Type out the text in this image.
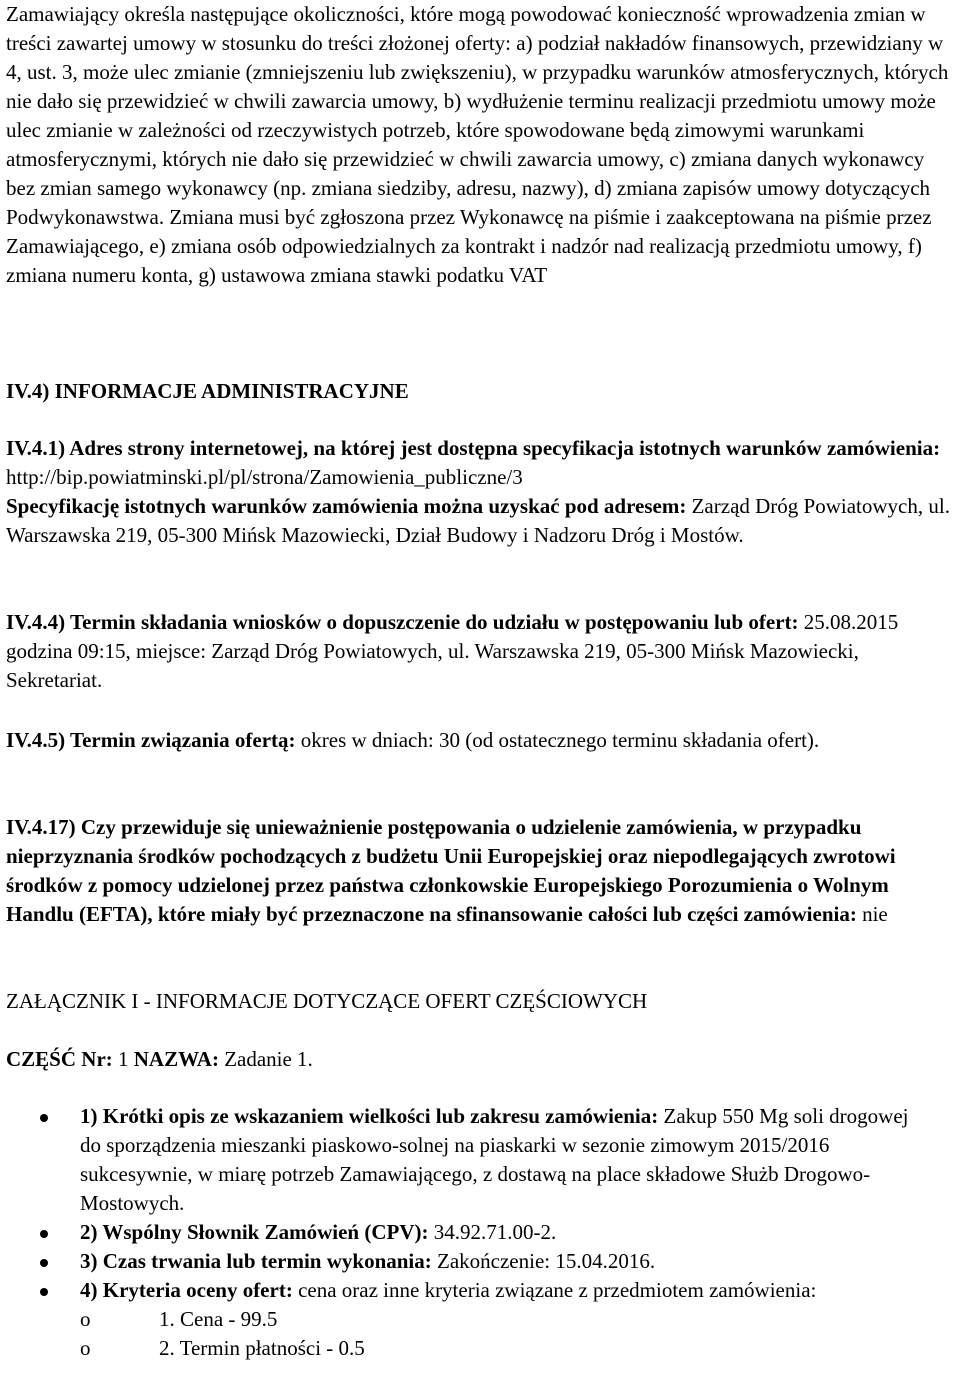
Zamawiający określa następujące okoliczności, które mogą powodować konieczność wprowadzenia zmian w treści zawartej umowy w stosunku do treści złożonej oferty: a) podział nakładów finansowych, przewidziany w 4, ust. 3, może ulec zmianie (zmniejszeniu lub zwiększeniu), w przypadku warunków atmosferycznych, których nie dało się przewidzieć w chwili zawarcia umowy, b) wydłużenie terminu realizacji przedmiotu umowy może ulec zmianie w zależności od rzeczywistych potrzeb, które spowodowane będą zimowymi warunkami atmosferycznymi, których nie dało się przewidzieć w chwili zawarcia umowy, c) zmiana danych wykonawcy bez zmian samego wykonawcy (np. zmiana siedziby, adresu, nazwy), d) zmiana zapisów umowy dotyczących Podwykonawstwa. Zmiana musi być zgłoszona przez Wykonawcę na piśmie i zaakceptowana na piśmie przez Zamawiającego, e) zmiana osób odpowiedzialnych za kontrakt i nadzór nad realizacją przedmiotu umowy, f) zmiana numeru konta, g) ustawowa zmiana stawki podatku VAT

IV.4) INFORMACJE ADMINISTRACYJNE

IV.4.1) Adres strony internetowej, na której jest dostępna specyfikacja istotnych warunków zamówienia: http://bip.powiatminski.pl/pl/strona/Zamowienia_publiczne/3

Specyfikację istotnych warunków zamówienia można uzyskać pod adresem: Zarząd Dróg Powiatowych, ul. Warszawska 219, 05-300 Mińsk Mazowiecki, Dział Budowy i Nadzoru Dróg i Mostów.

IV.4.4) Termin składania wniosków o dopuszczenie do udziału w postępowaniu lub ofert: 25.08.2015 godzina 09:15, miejsce: Zarząd Dróg Powiatowych, ul. Warszawska 219, 05-300 Mińsk Mazowiecki, Sekretariat.

IV.4.5) Termin związania ofertą: okres w dniach: 30 (od ostatecznego terminu składania ofert).

IV.4.17) Czy przewiduje się unieważnienie postępowania o udzielenie zamówienia, w przypadku nieprzyznania środków pochodzących z budżetu Unii Europejskiej oraz niepodlegających zwrotowi środków z pomocy udzielonej przez państwa członkowskie Europejskiego Porozumienia o Wolnym Handlu (EFTA), które miały być przeznaczone na sfinansowanie całości lub części zamówienia: nie

ZAŁĄCZNIK I - INFORMACJE DOTYCZĄCE OFERT CZĘŚCIOWYCH

CZĘŚĆ Nr: 1 NAZWA: Zadanie 1.

1) Krótki opis ze wskazaniem wielkości lub zakresu zamówienia: Zakup 550 Mg soli drogowej do sporządzenia mieszanki piaskowo-solnej na piaskarki w sezonie zimowym 2015/2016 sukcesywnie, w miarę potrzeb Zamawiającego, z dostawą na place składowe Służb Drogowo-Mostowych.
2) Wspólny Słownik Zamówień (CPV): 34.92.71.00-2.
3) Czas trwania lub termin wykonania: Zakończenie: 15.04.2016.
4) Kryteria oceny ofert: cena oraz inne kryteria związane z przedmiotem zamówienia:
o	1. Cena - 99.5
o	2. Termin płatności - 0.5
